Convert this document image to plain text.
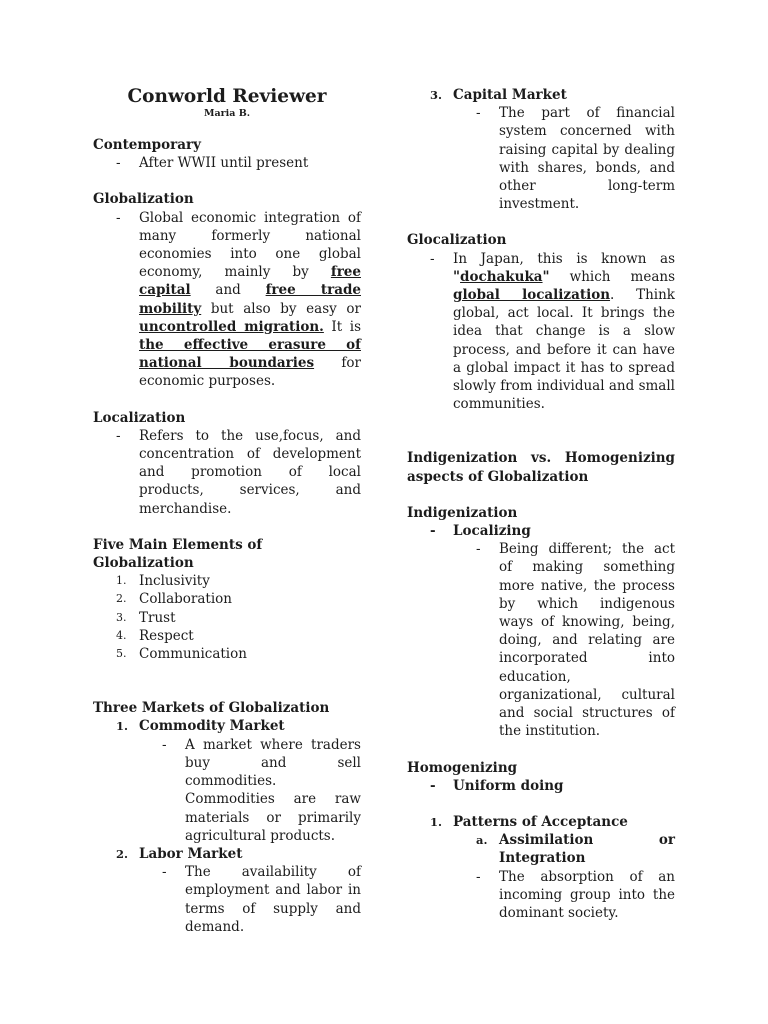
Conworld Reviewer
Maria B.
Contemporary
- After WWII until present
Globalization
- Global economic integration of many formerly national economies into one global economy, mainly by free capital and free trade mobility but also by easy or uncontrolled migration. It is the effective erasure of national boundaries for economic purposes.
Localization
- Refers to the use,focus, and concentration of development and promotion of local products, services, and merchandise.
Five Main Elements of Globalization
1. Inclusivity
2. Collaboration
3. Trust
4. Respect
5. Communication
Three Markets of Globalization
1. Commodity Market
- A market where traders buy and sell commodities. Commodities are raw materials or primarily agricultural products.
2. Labor Market
- The availability of employment and labor in terms of supply and demand.
3. Capital Market
- The part of financial system concerned with raising capital by dealing with shares, bonds, and other long-term investment.
Glocalization
- In Japan, this is known as "dochakuka" which means global localization. Think global, act local. It brings the idea that change is a slow process, and before it can have a global impact it has to spread slowly from individual and small communities.
Indigenization vs. Homogenizing aspects of Globalization
Indigenization
- Localizing
- Being different; the act of making something more native, the process by which indigenous ways of knowing, being, doing, and relating are incorporated into education, organizational, cultural and social structures of the institution.
Homogenizing
- Uniform doing
1. Patterns of Acceptance
a. Assimilation or Integration
- The absorption of an incoming group into the dominant society.
